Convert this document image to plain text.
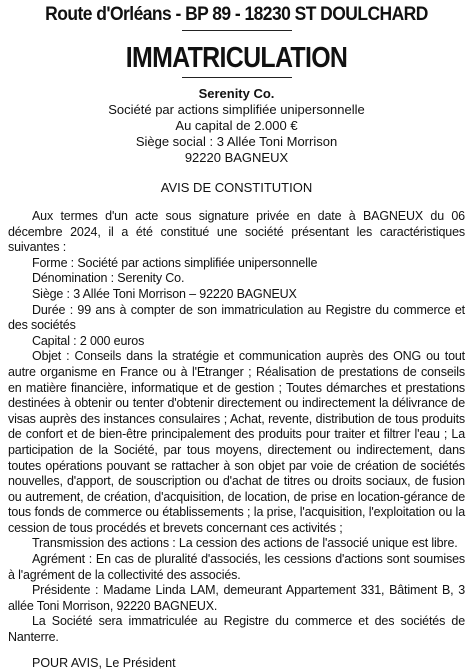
Route d'Orléans - BP 89 - 18230 ST DOULCHARD
IMMATRICULATION
Serenity Co.
Société par actions simplifiée unipersonnelle
Au capital de 2.000 €
Siège social : 3 Allée Toni Morrison
92220 BAGNEUX
AVIS DE CONSTITUTION

Aux termes d'un acte sous signature privée en date à BAGNEUX du 06 décembre 2024, il a été constitué une société présentant les caractéristiques suivantes :

Forme : Société par actions simplifiée unipersonnelle

Dénomination : Serenity Co.

Siège : 3 Allée Toni Morrison – 92220 BAGNEUX

Durée : 99 ans à compter de son immatriculation au Registre du commerce et des sociétés

Capital : 2 000 euros

Objet : Conseils dans la stratégie et communication auprès des ONG ou tout autre organisme en France ou à l'Etranger ; Réalisation de prestations de conseils en matière financière, informatique et de gestion ; Toutes démarches et prestations destinées à obtenir ou tenter d'obtenir directement ou indirectement la délivrance de visas auprès des instances consulaires ; Achat, revente, distribution de tous produits de confort et de bien-être principalement des produits pour traiter et filtrer l'eau ; La participation de la Société, par tous moyens, directement ou indirectement, dans toutes opérations pouvant se rattacher à son objet par voie de création de sociétés nouvelles, d'apport, de souscription ou d'achat de titres ou droits sociaux, de fusion ou autrement, de création, d'acquisition, de location, de prise en location-gérance de tous fonds de commerce ou établissements ; la prise, l'acquisition, l'exploitation ou la cession de tous procédés et brevets concernant ces activités ;

Transmission des actions : La cession des actions de l'associé unique est libre.

Agrément : En cas de pluralité d'associés, les cessions d'actions sont soumises à l'agrément de la collectivité des associés.

Présidente : Madame Linda LAM, demeurant Appartement 331, Bâtiment B, 3 allée Toni Morrison, 92220 BAGNEUX.

La Société sera immatriculée au Registre du commerce et des sociétés de Nanterre.

POUR AVIS, Le Président
